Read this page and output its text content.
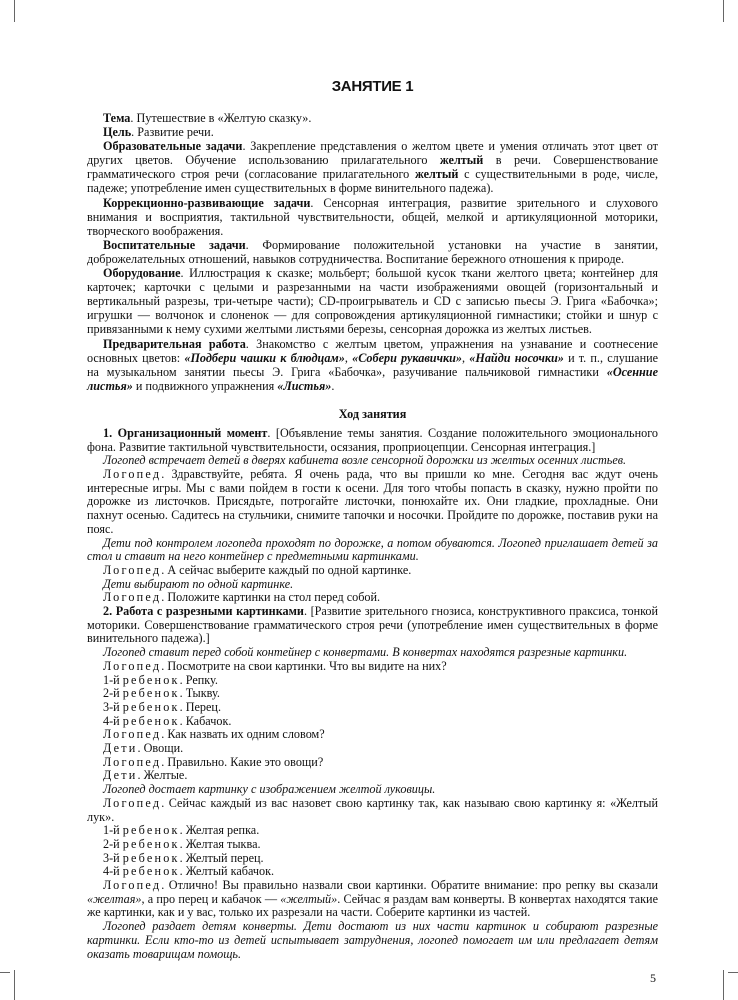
ЗАНЯТИЕ 1

Тема. Путешествие в «Желтую сказку».

Цель. Развитие речи.

Образовательные задачи. Закрепление представления о желтом цвете и умения отличать этот цвет от других цветов. Обучение использованию прилагательного желтый в речи. Совершенствование грамматического строя речи (согласование прилагательного желтый с существительными в роде, числе, падеже; употребление имен существительных в форме винительного падежа).

Коррекционно-развивающие задачи. Сенсорная интеграция, развитие зрительного и слухового внимания и восприятия, тактильной чувствительности, общей, мелкой и артикуляционной моторики, творческого воображения.

Воспитательные задачи. Формирование положительной установки на участие в занятии, доброжелательных отношений, навыков сотрудничества. Воспитание бережного отношения к природе.

Оборудование. Иллюстрация к сказке; мольберт; большой кусок ткани желтого цвета; контейнер для карточек; карточки с целыми и разрезанными на части изображениями овощей (горизонтальный и вертикальный разрезы, три-четыре части); CD-проигрыватель и CD с записью пьесы Э. Грига «Бабочка»; игрушки — волчонок и слоненок — для сопровождения артикуляционной гимнастики; стойки и шнур с привязанными к нему сухими желтыми листьями березы, сенсорная дорожка из желтых листьев.

Предварительная работа. Знакомство с желтым цветом, упражнения на узнавание и соотнесение основных цветов: «Подбери чашки к блюдцам», «Собери рукавички», «Найди носочки» и т. п., слушание на музыкальном занятии пьесы Э. Грига «Бабочка», разучивание пальчиковой гимнастики «Осенние листья» и подвижного упражнения «Листья».

Ход занятия

1. Организационный момент. [Объявление темы занятия. Создание положительного эмоционального фона. Развитие тактильной чувствительности, осязания, проприоцепции. Сенсорная интеграция.]

Логопед встречает детей в дверях кабинета возле сенсорной дорожки из желтых осенних листьев.

Логопед. Здравствуйте, ребята. Я очень рада, что вы пришли ко мне. Сегодня вас ждут очень интересные игры. Мы с вами пойдем в гости к осени. Для того чтобы попасть в сказку, нужно пройти по дорожке из листочков. Присядьте, потрогайте листочки, понюхайте их. Они гладкие, прохладные. Они пахнут осенью. Садитесь на стульчики, снимите тапочки и носочки. Пройдите по дорожке, поставив руки на пояс.

Дети под контролем логопеда проходят по дорожке, а потом обуваются. Логопед приглашает детей за стол и ставит на него контейнер с предметными картинками.

Логопед. А сейчас выберите каждый по одной картинке.

Дети выбирают по одной картинке.

Логопед. Положите картинки на стол перед собой.

2. Работа с разрезными картинками. [Развитие зрительного гнозиса, конструктивного праксиса, тонкой моторики. Совершенствование грамматического строя речи (употребление имен существительных в форме винительного падежа).]

Логопед ставит перед собой контейнер с конвертами. В конвертах находятся разрезные картинки.

Логопед. Посмотрите на свои картинки. Что вы видите на них?

1-й ребенок. Репку.

2-й ребенок. Тыкву.

3-й ребенок. Перец.

4-й ребенок. Кабачок.

Логопед. Как назвать их одним словом?

Дети. Овощи.

Логопед. Правильно. Какие это овощи?

Дети. Желтые.

Логопед достает картинку с изображением желтой луковицы.

Логопед. Сейчас каждый из вас назовет свою картинку так, как называю свою картинку я: «Желтый лук».

1-й ребенок. Желтая репка.

2-й ребенок. Желтая тыква.

3-й ребенок. Желтый перец.

4-й ребенок. Желтый кабачок.

Логопед. Отлично! Вы правильно назвали свои картинки. Обратите внимание: про репку вы сказали «желтая», а про перец и кабачок — «желтый». Сейчас я раздам вам конверты. В конвертах находятся такие же картинки, как и у вас, только их разрезали на части. Соберите картинки из частей.

Логопед раздает детям конверты. Дети достают из них части картинок и собирают разрезные картинки. Если кто-то из детей испытывает затруднения, логопед помогает им или предлагает детям оказать товарищам помощь.

5
